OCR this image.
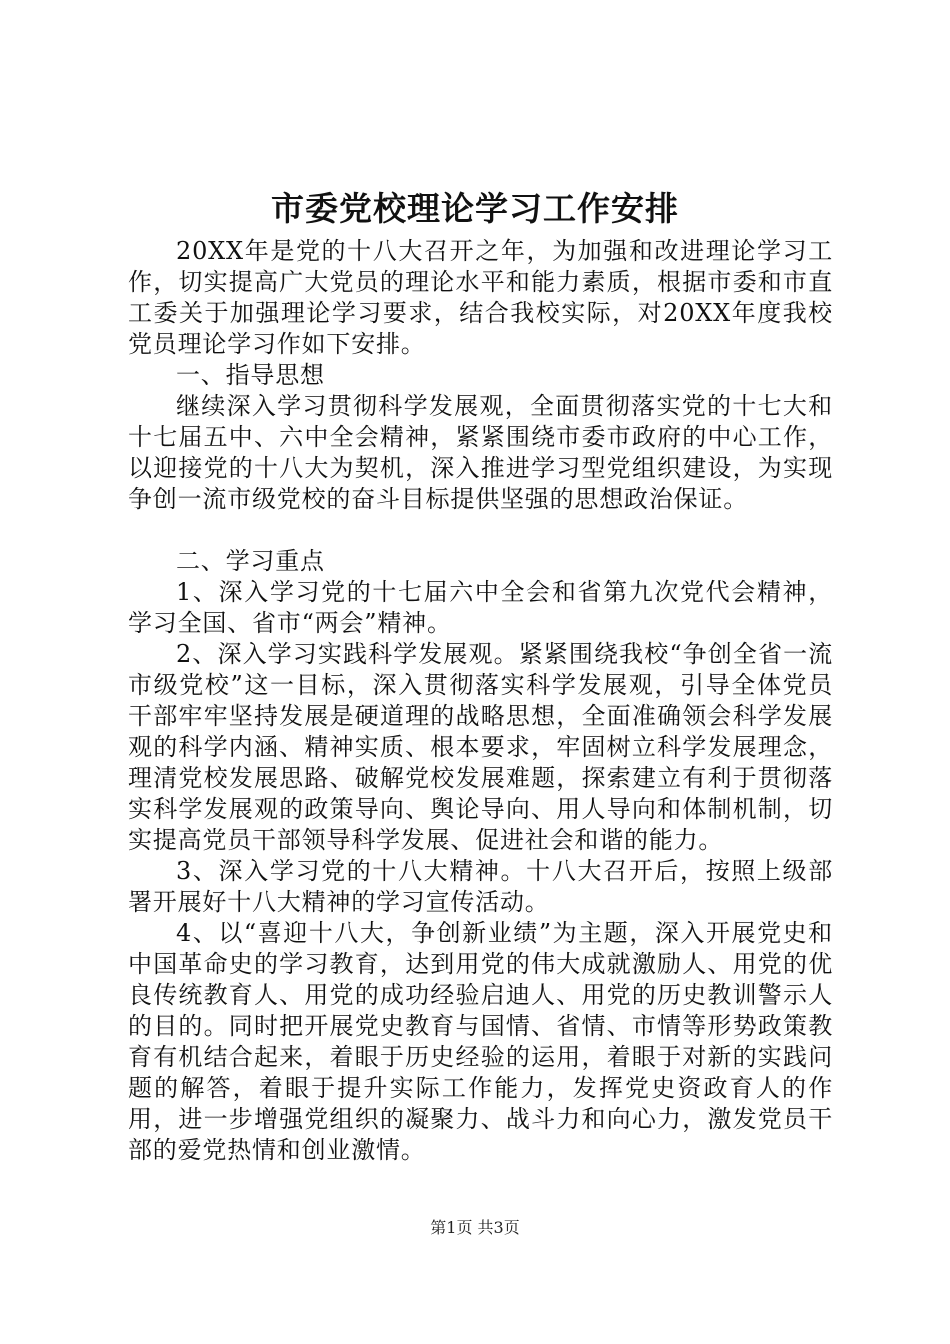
市委党校理论学习工作安排

20XX年是党的十八大召开之年，为加强和改进理论学习工作，切实提高广大党员的理论水平和能力素质，根据市委和市直工委关于加强理论学习要求，结合我校实际，对20XX年度我校党员理论学习作如下安排。

一、指导思想

继续深入学习贯彻科学发展观，全面贯彻落实党的十七大和十七届五中、六中全会精神，紧紧围绕市委市政府的中心工作，以迎接党的十八大为契机，深入推进学习型党组织建设，为实现争创一流市级党校的奋斗目标提供坚强的思想政治保证。

二、学习重点

1、深入学习党的十七届六中全会和省第九次党代会精神，学习全国、省市“两会”精神。

2、深入学习实践科学发展观。紧紧围绕我校“争创全省一流市级党校”这一目标，深入贯彻落实科学发展观，引导全体党员干部牢牢坚持发展是硬道理的战略思想，全面准确领会科学发展观的科学内涵、精神实质、根本要求，牢固树立科学发展理念，理清党校发展思路、破解党校发展难题，探索建立有利于贯彻落实科学发展观的政策导向、舆论导向、用人导向和体制机制，切实提高党员干部领导科学发展、促进社会和谐的能力。

3、深入学习党的十八大精神。十八大召开后，按照上级部署开展好十八大精神的学习宣传活动。

4、以“喜迎十八大，争创新业绩”为主题，深入开展党史和中国革命史的学习教育，达到用党的伟大成就激励人、用党的优良传统教育人、用党的成功经验启迪人、用党的历史教训警示人的目的。同时把开展党史教育与国情、省情、市情等形势政策教育有机结合起来，着眼于历史经验的运用，着眼于对新的实践问题的解答，着眼于提升实际工作能力，发挥党史资政育人的作用，进一步增强党组织的凝聚力、战斗力和向心力，激发党员干部的爱党热情和创业激情。

第1页 共3页
